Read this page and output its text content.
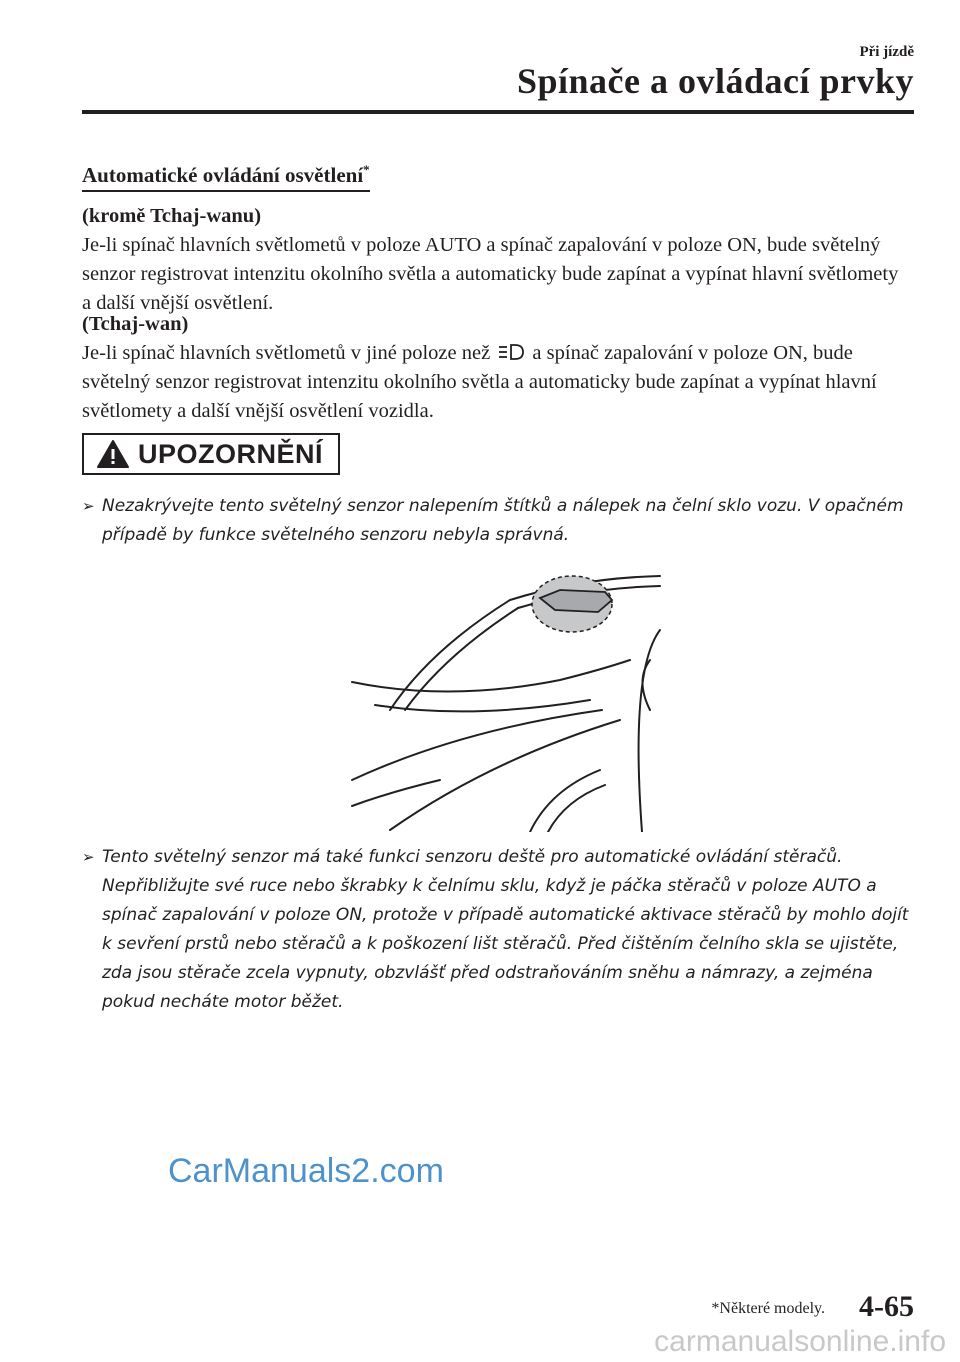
Při jízdě
Spínače a ovládací prvky
Automatické ovládání osvětlení*
(kromě Tchaj-wanu)
Je-li spínač hlavních světlometů v poloze AUTO a spínač zapalování v poloze ON, bude světelný senzor registrovat intenzitu okolního světla a automaticky bude zapínat a vypínat hlavní světlomety a další vnější osvětlení.
(Tchaj-wan)
Je-li spínač hlavních světlometů v jiné poloze než a spínač zapalování v poloze ON, bude světelný senzor registrovat intenzitu okolního světla a automaticky bude zapínat a vypínat hlavní světlomety a další vnější osvětlení vozidla.
UPOZORNĚNÍ
➢ Nezakrývejte tento světelný senzor nalepením štítků a nálepek na čelní sklo vozu. V opačném případě by funkce světelného senzoru nebyla správná.
➢ Tento světelný senzor má také funkci senzoru deště pro automatické ovládání stěračů. Nepřibližujte své ruce nebo škrabky k čelnímu sklu, když je páčka stěračů v poloze AUTO a spínač zapalování v poloze ON, protože v případě automatické aktivace stěračů by mohlo dojít k sevření prstů nebo stěračů a k poškození lišt stěračů. Před čištěním čelního skla se ujistěte, zda jsou stěrače zcela vypnuty, obzvlášť před odstraňováním sněhu a námrazy, a zejména pokud necháte motor běžet.
CarManuals2.com
*Některé modely. 4-65
carmanualsonline.info
